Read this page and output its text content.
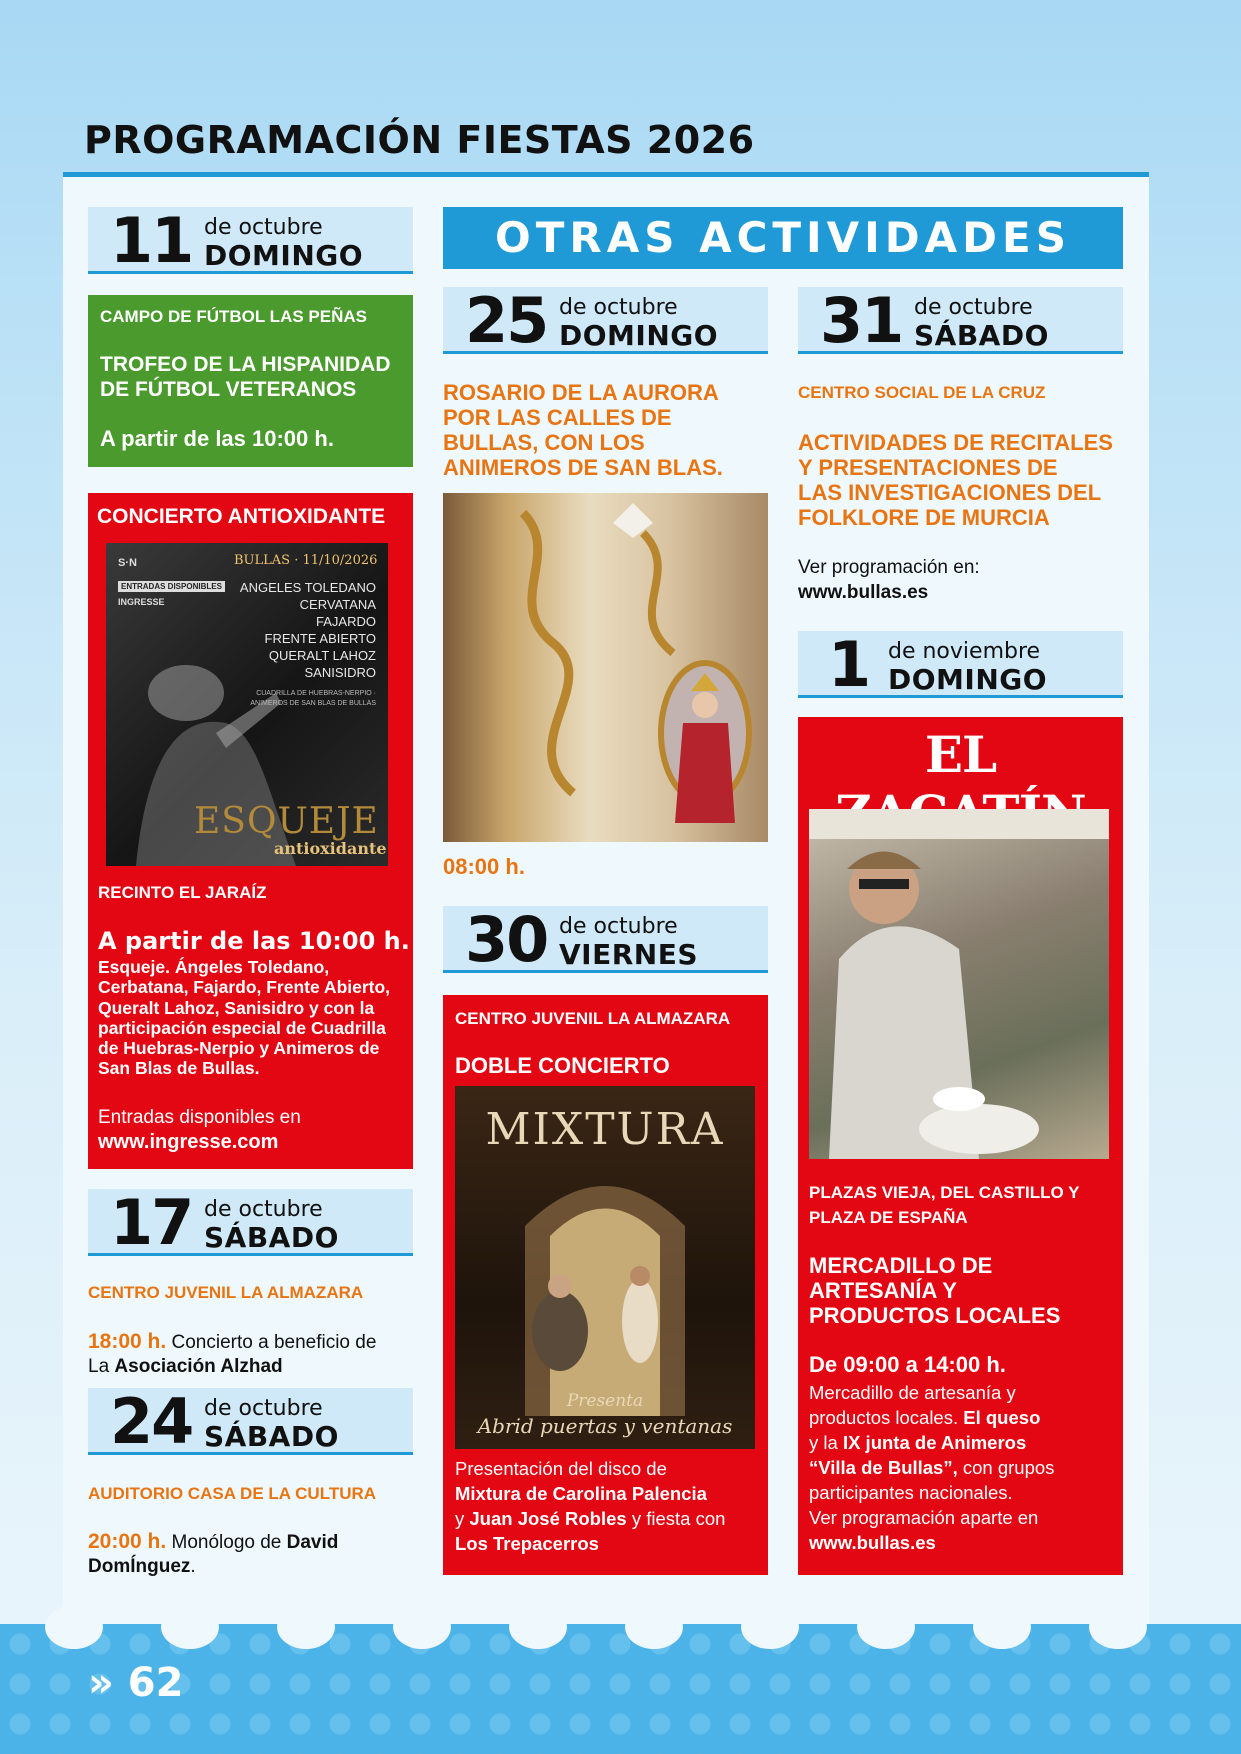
PROGRAMACIÓN FIESTAS 2026
11 de octubre
DOMINGO
CAMPO DE FÚTBOL LAS PEÑAS
TROFEO DE LA HISPANIDAD
DE FÚTBOL VETERANOS
A partir de las 10:00 h.
CONCIERTO ANTIOXIDANTE
S·N	BULLAS · 11/10/2026
ENTRADAS DISPONIBLES
INGRESSE
ANGELES TOLEDANO
CERVATANA
FAJARDO
FRENTE ABIERTO
QUERALT LAHOZ
SANISIDRO
CUADRILLA DE HUEBRAS-NERPIO · ANIMEROS DE SAN BLAS DE BULLAS
ESQUEJE
antioxidante
RECINTO EL JARAÍZ
A partir de las 10:00 h.
Esqueje. Ángeles Toledano,
Cerbatana, Fajardo, Frente Abierto,
Queralt Lahoz, Sanisidro y con la
participación especial de Cuadrilla
de Huebras-Nerpio y Animeros de
San Blas de Bullas.
Entradas disponibles en
www.ingresse.com
17 de octubre
SÁBADO
CENTRO JUVENIL LA ALMAZARA
18:00 h. Concierto a beneficio de
La Asociación Alzhad
24 de octubre
SÁBADO
AUDITORIO CASA DE LA CULTURA
20:00 h. Monólogo de David
DomÍnguez.
OTRAS ACTIVIDADES
25 de octubre
DOMINGO
ROSARIO DE LA AURORA
POR LAS CALLES DE
BULLAS, CON LOS
ANIMEROS DE SAN BLAS.
08:00 h.
30 de octubre
VIERNES
CENTRO JUVENIL LA ALMAZARA
DOBLE CONCIERTO
MIXTURA
Presenta
Abrid puertas y ventanas
Presentación del disco de
Mixtura de Carolina Palencia
y Juan José Robles y fiesta con
Los Trepacerros
31 de octubre
SÁBADO
CENTRO SOCIAL DE LA CRUZ
ACTIVIDADES DE RECITALES
Y PRESENTACIONES DE
LAS INVESTIGACIONES DEL
FOLKLORE DE MURCIA
Ver programación en:
www.bullas.es
1 de noviembre
DOMINGO
EL
PLAZAS VIEJA, DEL CASTILLO Y
PLAZA DE ESPAÑA
MERCADILLO DE
ARTESANÍA Y
PRODUCTOS LOCALES
De 09:00 a 14:00 h.
Mercadillo de artesanía y
productos locales. El queso
y la IX junta de Animeros
“Villa de Bullas”, con grupos
participantes nacionales.
Ver programación aparte en
www.bullas.es
» 62
